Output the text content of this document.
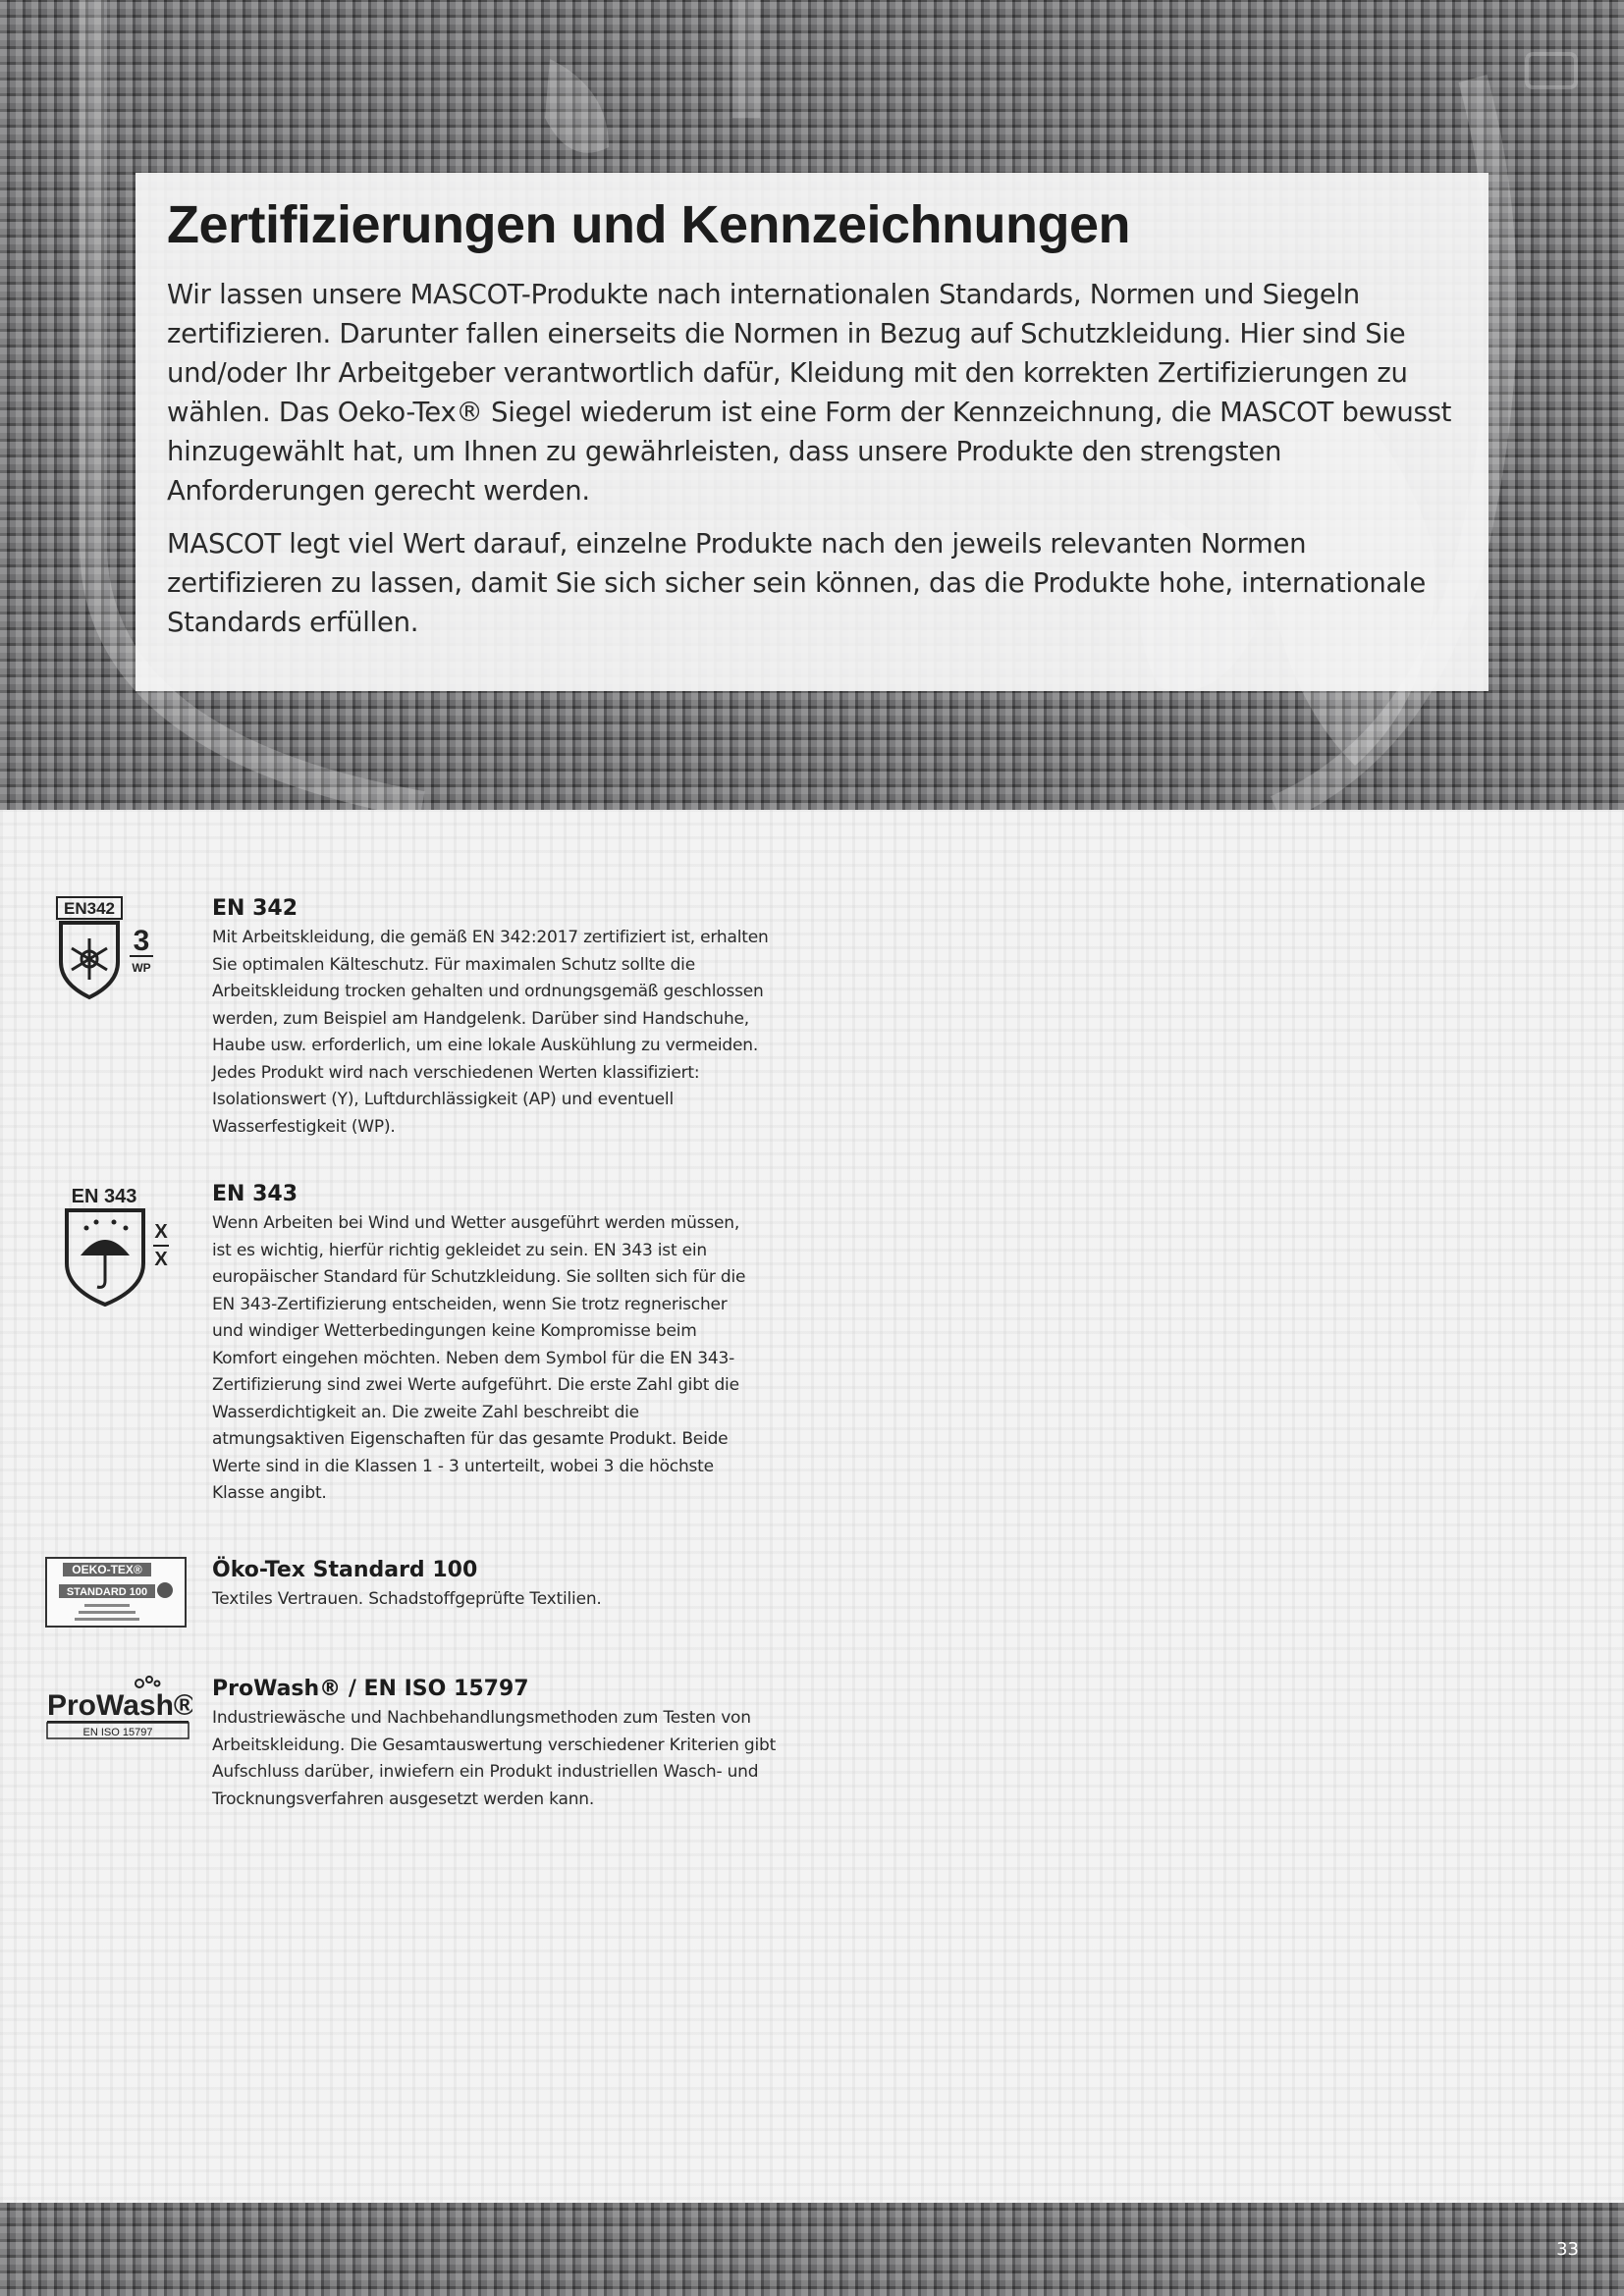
Zertifizierungen und Kennzeichnungen

Wir lassen unsere MASCOT-Produkte nach internationalen Standards, Normen und Siegeln zertifizieren. Darunter fallen einerseits die Normen in Bezug auf Schutzkleidung. Hier sind Sie und/oder Ihr Arbeitgeber verantwortlich dafür, Kleidung mit den korrekten Zertifizierungen zu wählen. Das Oeko-Tex® Siegel wiederum ist eine Form der Kennzeichnung, die MASCOT bewusst hinzugewählt hat, um Ihnen zu gewährleisten, dass unsere Produkte den strengsten Anforderungen gerecht werden.

MASCOT legt viel Wert darauf, einzelne Produkte nach den jeweils relevanten Normen zertifizieren zu lassen, damit Sie sich sicher sein können, das die Produkte hohe, internationale Standards erfüllen.

EN342
3
WP
EN 342

Mit Arbeitskleidung, die gemäß EN 342:2017 zertifiziert ist, erhalten Sie optimalen Kälteschutz. Für maximalen Schutz sollte die Arbeitskleidung trocken gehalten und ordnungsgemäß geschlossen werden, zum Beispiel am Handgelenk. Darüber sind Handschuhe, Haube usw. erforderlich, um eine lokale Auskühlung zu vermeiden. Jedes Produkt wird nach verschiedenen Werten klassifiziert: Isolationswert (Y), Luftdurchlässigkeit (AP) und eventuell Wasserfestigkeit (WP).

EN 343
X
X
EN 343

Wenn Arbeiten bei Wind und Wetter ausgeführt werden müssen, ist es wichtig, hierfür richtig gekleidet zu sein. EN 343 ist ein europäischer Standard für Schutzkleidung. Sie sollten sich für die EN 343-Zertifizierung entscheiden, wenn Sie trotz regnerischer und windiger Wetterbedingungen keine Kompromisse beim Komfort eingehen möchten. Neben dem Symbol für die EN 343-Zertifizierung sind zwei Werte aufgeführt. Die erste Zahl gibt die Wasserdichtigkeit an. Die zweite Zahl beschreibt die atmungsaktiven Eigenschaften für das gesamte Produkt. Beide Werte sind in die Klassen 1 - 3 unterteilt, wobei 3 die höchste Klasse angibt.

OEKO-TEX®
STANDARD 100
Öko-Tex Standard 100

Textiles Vertrauen. Schadstoffgeprüfte Textilien.

ProWash®
EN ISO 15797
ProWash® / EN ISO 15797

Industriewäsche und Nachbehandlungsmethoden zum Testen von Arbeitskleidung. Die Gesamtauswertung verschiedener Kriterien gibt Aufschluss darüber, inwiefern ein Produkt industriellen Wasch- und Trocknungsverfahren ausgesetzt werden kann.

33
